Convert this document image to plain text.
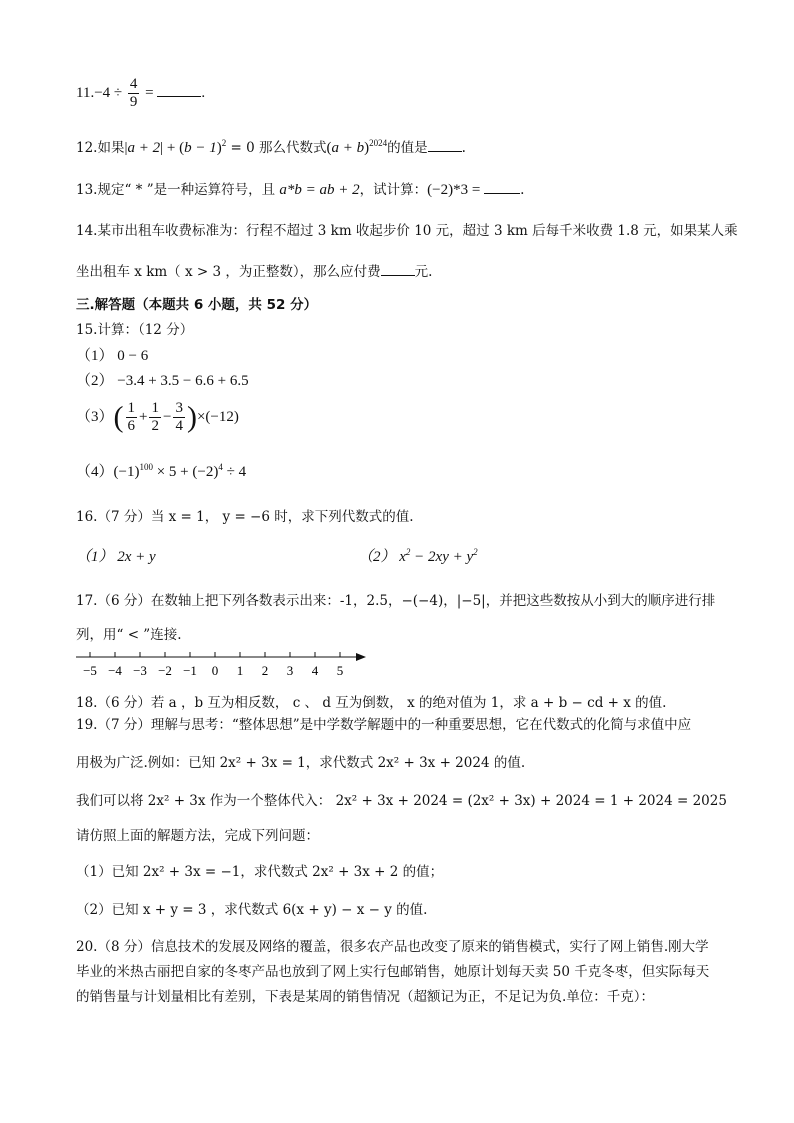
$11.-4 \div \frac{4}{9}$ =	.
12.如果$|a + 2| + (b - 1)^2 = 0$ 那么代数式$(a + b)^{2024}$的值是	.
13.规定“ * ”是一种运算符号，且 a*b = ab + 2，试计算：(−2)*3 =	.
14.某市出租车收费标准为：行程不超过 3 km 收起步价 10 元，超过 3 km 后每千米收费 1.8 元，如果某人乘
坐出租车 x km（ x > 3 ，为正整数），那么应付费	元.
三.解答题（本题共 6 小题，共 52 分）
15.计算：（12 分）
（1） 0 − 6
（2） −3.4 + 3.5 − 6.6 + 6.5
$(3)( \frac{1}{6} + \frac{1}{2} - \frac{3}{4} )\times(-12)$
$(4)(-1)^{100} \times 5 + (-2)^4 \div 4$
16.（7 分）当 x = 1， y = −6 时，求下列代数式的值.
（1） 2x + y	（2） $x^2 - 2xy + y^2$
17.（6 分）在数轴上把下列各数表示出来：-1，2.5，−(−4)，|−5|，并把这些数按从小到大的顺序进行排
列，用“ < ”连接.
−5 −4 −3 −2 −1 0 1 2 3 4 5
18.（6 分）若 a ，b 互为相反数， c 、 d 互为倒数， x 的绝对值为 1，求 a + b − cd + x 的值.
19.（7 分）理解与思考：“整体思想”是中学数学解题中的一种重要思想，它在代数式的化简与求值中应
用极为广泛.例如：已知 2x² + 3x = 1，求代数式 2x² + 3x + 2024 的值.
我们可以将 2x² + 3x 作为一个整体代入： 2x² + 3x + 2024 = (2x² + 3x) + 2024 = 1 + 2024 = 2025
请仿照上面的解题方法，完成下列问题：
（1）已知 2x² + 3x = −1，求代数式 2x² + 3x + 2 的值；
（2）已知 x + y = 3 ，求代数式 6(x + y) − x − y 的值.
20.（8 分）信息技术的发展及网络的覆盖，很多农产品也改变了原来的销售模式，实行了网上销售.刚大学
毕业的米热古丽把自家的冬枣产品也放到了网上实行包邮销售，她原计划每天卖 50 千克冬枣，但实际每天
的销售量与计划量相比有差别，下表是某周的销售情况（超额记为正，不足记为负.单位：千克）：
